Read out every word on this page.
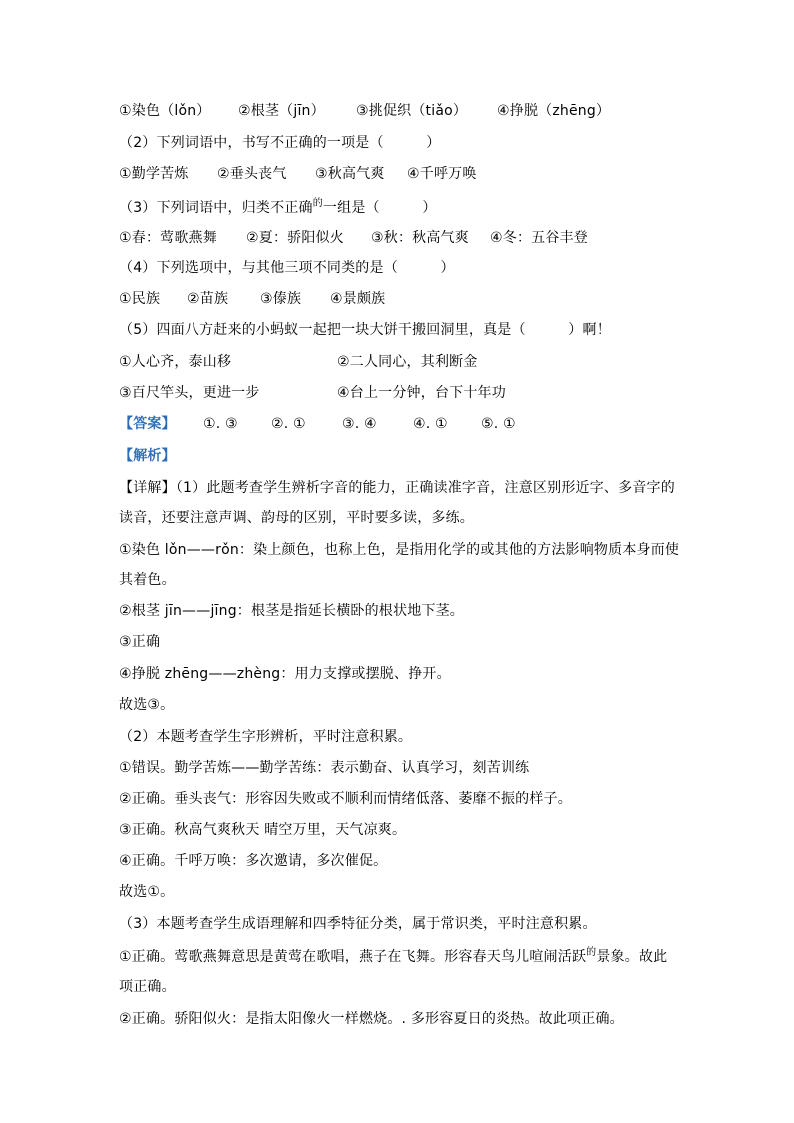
①染色（lǒn） ②根茎（jīn） ③挑促织（tiǎo） ④挣脱（zhēng）
（2）下列词语中，书写不正确的一项是（　　　）
①勤学苦炼 ②垂头丧气 ③秋高气爽 ④千呼万唤
（3）下列词语中，归类不正确$^的$一组是（　　　）
①春：莺歌燕舞 ②夏：骄阳似火 ③秋：秋高气爽 ④冬：五谷丰登
（4）下列选项中，与其他三项不同类的是（　　　）
①民族 ②苗族 ③傣族 ④景颇族
（5）四面八方赶来的小蚂蚁一起把一块大饼干搬回洞里，真是（　　　）啊！
①人心齐，泰山移	②二人同心，其利断金
③百尺竿头，更进一步	④台上一分钟，台下十年功
【答案】 ①. ③ ②. ①	③. ④	④. ① ⑤. ①
【解析】
【详解】（1）此题考查学生辨析字音的能力，正确读准字音，注意区别形近字、多音字的
读音，还要注意声调、韵母的区别，平时要多读，多练。
①染色 lǒn——rǒn：染上颜色，也称上色，是指用化学的或其他的方法影响物质本身而使
其着色。
②根茎 jīn——jīng：根茎是指延长横卧的根状地下茎。
③正确
④挣脱 zhēng——zhèng：用力支撑或摆脱、挣开。
故选③。
（2）本题考查学生字形辨析，平时注意积累。
①错误。勤学苦炼——勤学苦练：表示勤奋、认真学习，刻苦训练
②正确。垂头丧气：形容因失败或不顺利而情绪低落、萎靡不振的样子。
③正确。秋高气爽秋天 晴空万里，天气凉爽。
④正确。千呼万唤：多次邀请，多次催促。
故选①。
（3）本题考查学生成语理解和四季特征分类，属于常识类，平时注意积累。
①正确。莺歌燕舞意思是黄莺在歌唱，燕子在飞舞。形容春天鸟儿喧闹活跃$^的$景象。故此
项正确。
②正确。骄阳似火：是指太阳像火一样燃烧。. 多形容夏日的炎热。故此项正确。
